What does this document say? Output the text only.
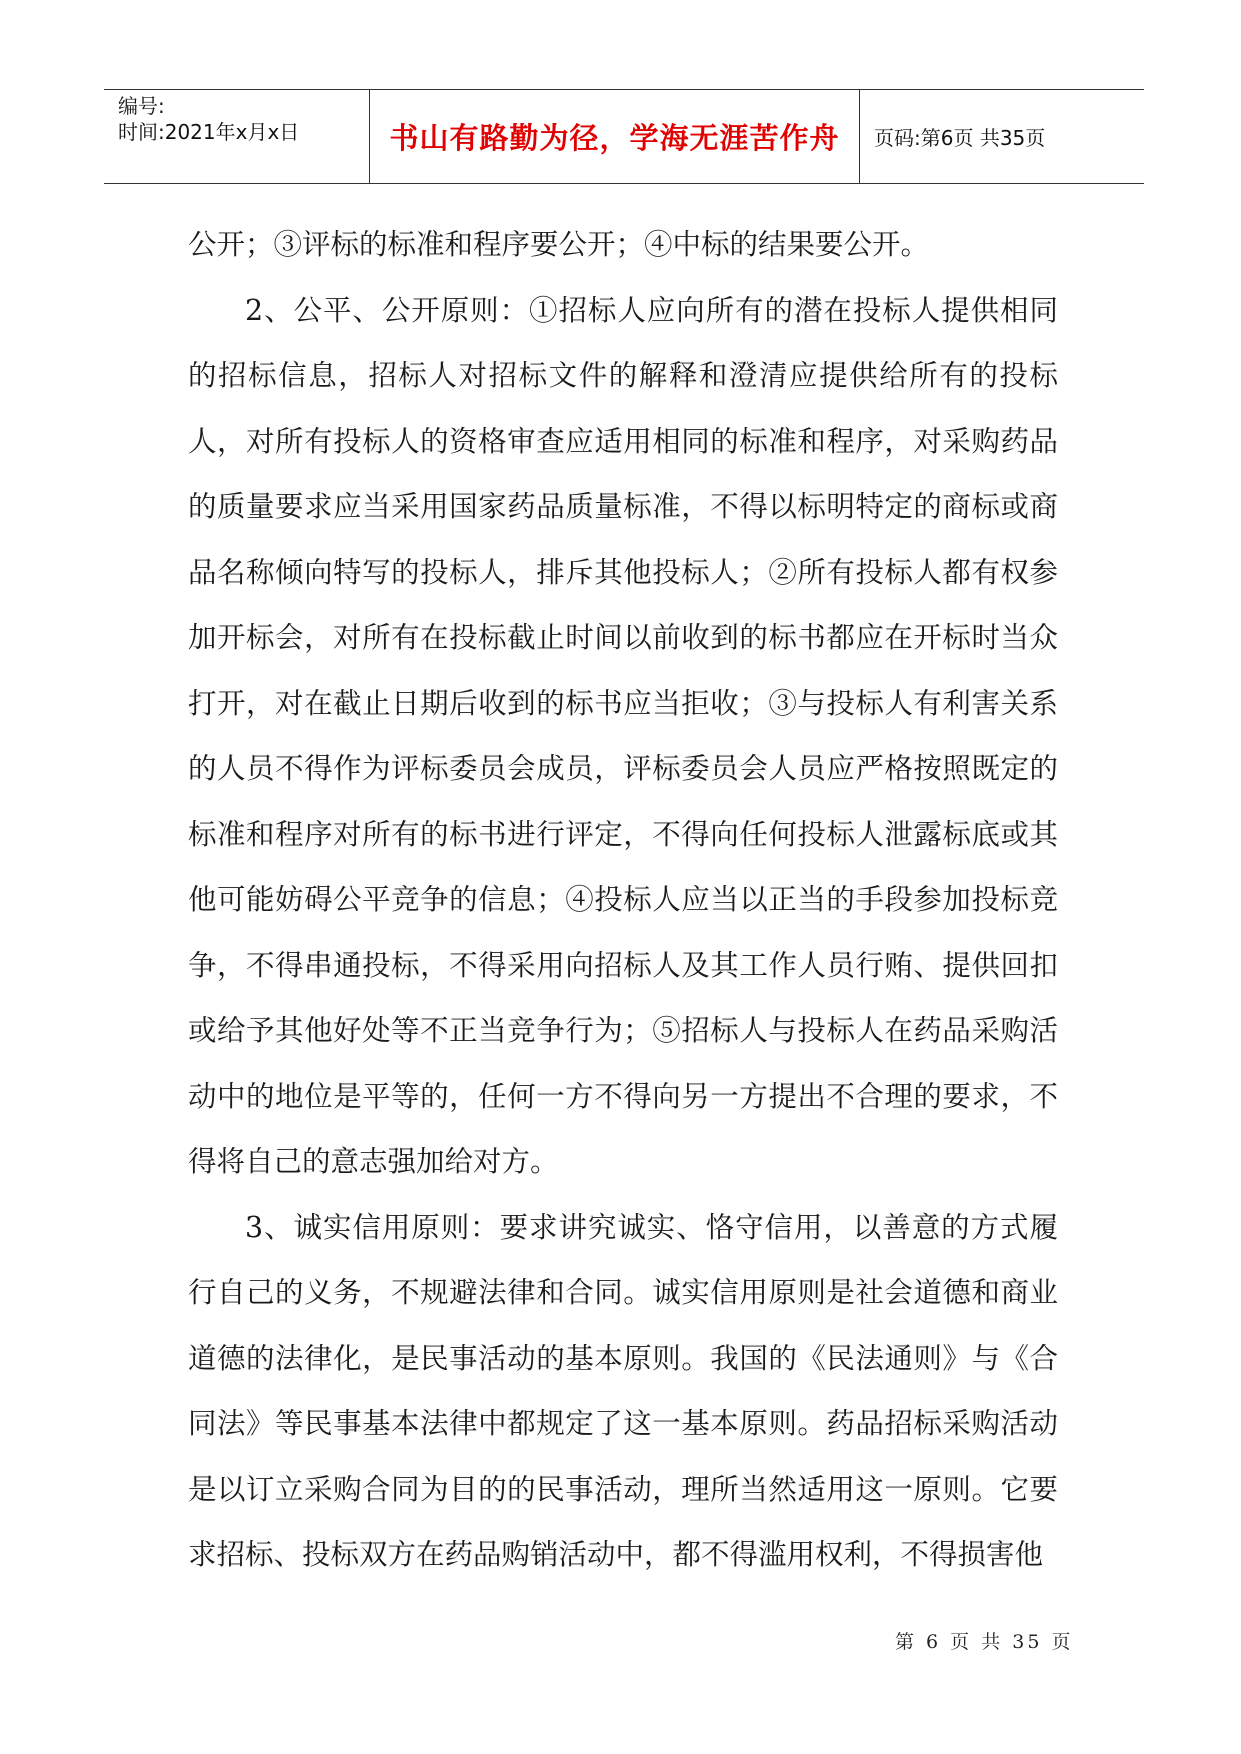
编号:
时间:2021年x月x日	书山有路勤为径，学海无涯苦作舟	页码:第6页 共35页

公开；③评标的标准和程序要公开；④中标的结果要公开。

2、公平、公开原则：①招标人应向所有的潜在投标人提供相同的招标信息，招标人对招标文件的解释和澄清应提供给所有的投标人，对所有投标人的资格审查应适用相同的标准和程序，对采购药品的质量要求应当采用国家药品质量标准，不得以标明特定的商标或商品名称倾向特写的投标人，排斥其他投标人；②所有投标人都有权参加开标会，对所有在投标截止时间以前收到的标书都应在开标时当众打开，对在截止日期后收到的标书应当拒收；③与投标人有利害关系的人员不得作为评标委员会成员，评标委员会人员应严格按照既定的标准和程序对所有的标书进行评定，不得向任何投标人泄露标底或其他可能妨碍公平竞争的信息；④投标人应当以正当的手段参加投标竞争，不得串通投标，不得采用向招标人及其工作人员行贿、提供回扣或给予其他好处等不正当竞争行为；⑤招标人与投标人在药品采购活动中的地位是平等的，任何一方不得向另一方提出不合理的要求，不得将自己的意志强加给对方。

3、诚实信用原则：要求讲究诚实、恪守信用，以善意的方式履行自己的义务，不规避法律和合同。诚实信用原则是社会道德和商业道德的法律化，是民事活动的基本原则。我国的《民法通则》与《合同法》等民事基本法律中都规定了这一基本原则。药品招标采购活动是以订立采购合同为目的的民事活动，理所当然适用这一原则。它要求招标、投标双方在药品购销活动中，都不得滥用权利，不得损害他

第 6 页 共 35 页
